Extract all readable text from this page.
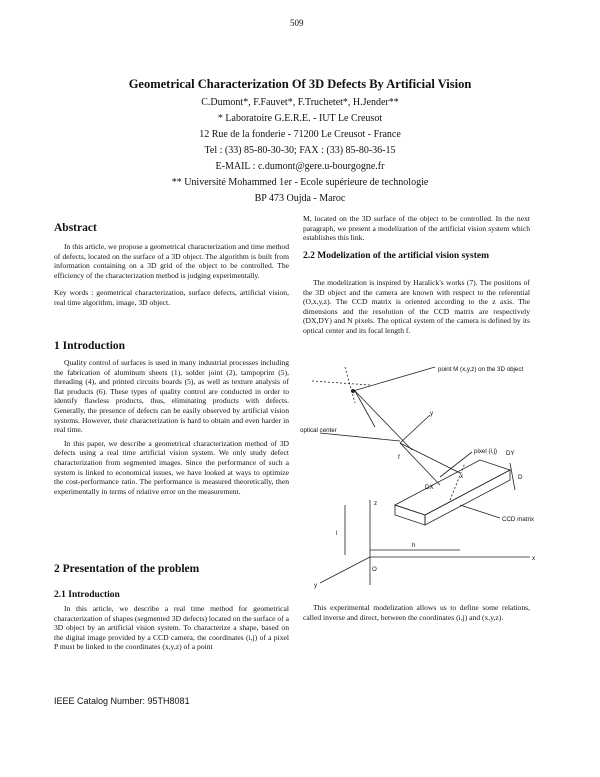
509
Geometrical Characterization Of 3D Defects By Artificial Vision
C.Dumont*, F.Fauvet*, F.Truchetet*, H.Jender**
* Laboratoire G.E.R.E. - IUT Le Creusot
12 Rue de la fonderie - 71200 Le Creusot - France
Tel : (33) 85-80-30-30; FAX : (33) 85-80-36-15
E-MAIL : c.dumont@gere.u-bourgogne.fr
** Université Mohammed 1er - Ecole supérieure de technologie
BP 473 Oujda - Maroc
Abstract

In this article, we propose a geometrical characterization and time method of defects, located on the surface of a 3D object. The algorithm is built from information containing on a 3D grid of the object to be controlled. The efficiency of the characterization method is judging experimentally.

Key words : geometrical characterization, surface defects, artificial vision, real time algorithm, image, 3D object.

1 Introduction

Quality control of surfaces is used in many industrial processes including the fabrication of aluminum sheets (1), solder joint (2), tampoprint (5), threading (4), and printed circuits boards (5), as well as texture analysis of flat products (6). These types of quality control are conducted in order to identify flawless products, thus, eliminating products with defects. Generally, the presence of defects can be easily observed by artificial vision systems. However, their characterization is hard to obtain and even harder in real time.

In this paper, we describe a geometrical characterization method of 3D defects using a real time artificial vision system. We only study defect characterization from segmented images. Since the performance of such a system is linked to economical issues, we have looked at ways to optimize the cost-performance ratio. The performance is measured theoretically, then experimentally in terms of relative error on the measurement.

2 Presentation of the problem
2.1 Introduction

In this article, we describe a real time method for geometrical characterization of shapes (segmented 3D defects) located on the surface of a 3D object by an artificial vision system. To characterize a shape, based on the digital image provided by a CCD camera, the coordinates (i,j) of a pixel P must be linked to the coordinates (x,y,z) of a point

IEEE Catalog Number: 95TH8081

M, located on the 3D surface of the object to be controlled. In the next paragraph, we present a modelization of the artificial vision system which establishes this link.

2.2 Modelization of the artificial vision system

The modelization is inspired by Haralick's works (7). The positions of the 3D object and the camera are known with respect to the referential (O,x,y,z). The CCD matrix is oriented according to the z axis. The dimensions and the resolution of the CCD matrix are respectively (DX,DY) and N pixels. The optical system of the camera is defined by its optical center and its focal length f.

point M (x,y,z) on the 3D object
pixel (i,j)
optical center
CCD matrix
y
x
DX
DY
f
D
z
x
y
O
h
l

This experimental modelization allows us to define some relations, called inverse and direct, between the coordinates (i,j) and (x,y,z).
